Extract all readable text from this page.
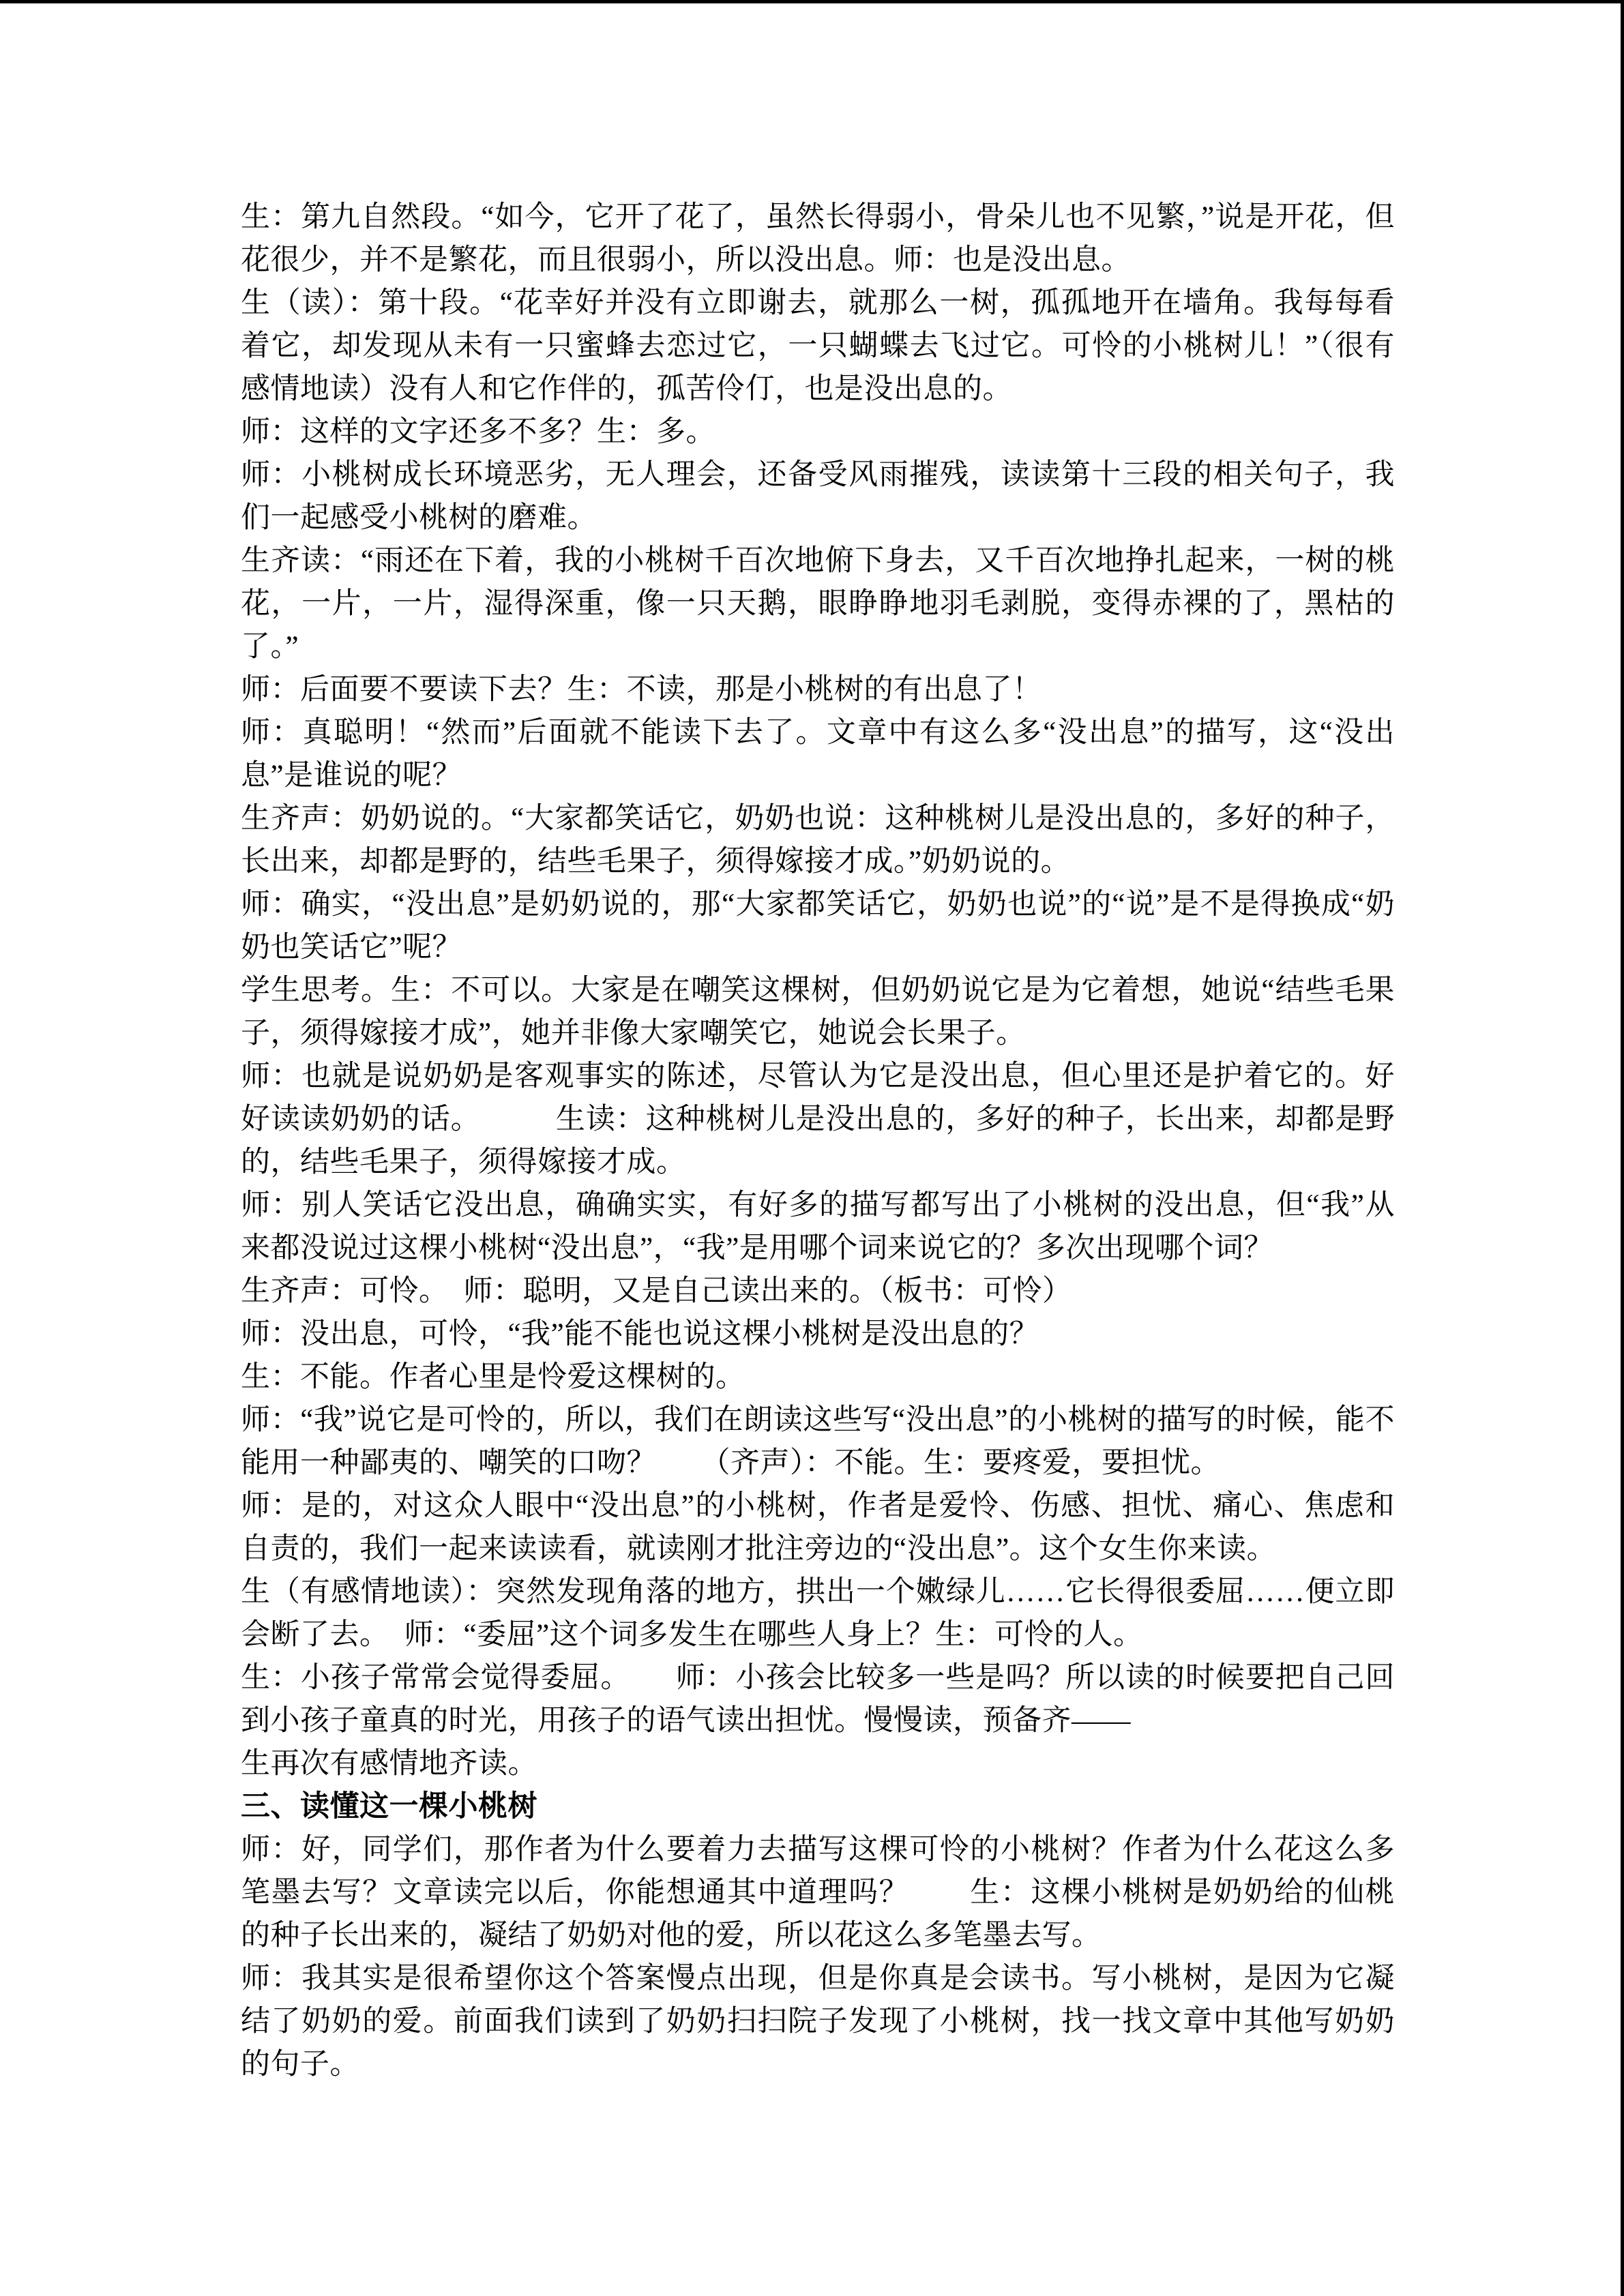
生：第九自然段。“如今，它开了花了，虽然长得弱小，骨朵儿也不见繁，”说是开花，但花很少，并不是繁花，而且很弱小，所以没出息。师：也是没出息。

生（读）：第十段。“花幸好并没有立即谢去，就那么一树，孤孤地开在墙角。我每每看着它，却发现从未有一只蜜蜂去恋过它，一只蝴蝶去飞过它。可怜的小桃树儿！”（很有感情地读）没有人和它作伴的，孤苦伶仃，也是没出息的。

师：这样的文字还多不多？生：多。

师：小桃树成长环境恶劣，无人理会，还备受风雨摧残，读读第十三段的相关句子，我们一起感受小桃树的磨难。

生齐读：“雨还在下着，我的小桃树千百次地俯下身去，又千百次地挣扎起来，一树的桃花，一片，一片，湿得深重，像一只天鹅，眼睁睁地羽毛剥脱，变得赤裸的了，黑枯的了。”

师：后面要不要读下去？生：不读，那是小桃树的有出息了！

师：真聪明！“然而”后面就不能读下去了。文章中有这么多“没出息”的描写，这“没出息”是谁说的呢？

生齐声：奶奶说的。“大家都笑话它，奶奶也说：这种桃树儿是没出息的，多好的种子，长出来，却都是野的，结些毛果子，须得嫁接才成。”奶奶说的。

师：确实，“没出息”是奶奶说的，那“大家都笑话它，奶奶也说”的“说”是不是得换成“奶奶也笑话它”呢？

学生思考。生：不可以。大家是在嘲笑这棵树，但奶奶说它是为它着想，她说“结些毛果子，须得嫁接才成”，她并非像大家嘲笑它，她说会长果子。

师：也就是说奶奶是客观事实的陈述，尽管认为它是没出息，但心里还是护着它的。好好读读奶奶的话。　　　生读：这种桃树儿是没出息的，多好的种子，长出来，却都是野的，结些毛果子，须得嫁接才成。

师：别人笑话它没出息，确确实实，有好多的描写都写出了小桃树的没出息，但“我”从来都没说过这棵小桃树“没出息”，“我”是用哪个词来说它的？多次出现哪个词？

生齐声：可怜。　师：聪明，又是自己读出来的。（板书：可怜）

师：没出息，可怜，“我”能不能也说这棵小桃树是没出息的？

生：不能。作者心里是怜爱这棵树的。

师：“我”说它是可怜的，所以，我们在朗读这些写“没出息”的小桃树的描写的时候，能不能用一种鄙夷的、嘲笑的口吻？　　（齐声）：不能。生：要疼爱，要担忧。

师：是的，对这众人眼中“没出息”的小桃树，作者是爱怜、伤感、担忧、痛心、焦虑和自责的，我们一起来读读看，就读刚才批注旁边的“没出息”。这个女生你来读。

生（有感情地读）：突然发现角落的地方，拱出一个嫩绿儿……它长得很委屈……便立即会断了去。　师：“委屈”这个词多发生在哪些人身上？生：可怜的人。

生：小孩子常常会觉得委屈。　　师：小孩会比较多一些是吗？所以读的时候要把自己回到小孩子童真的时光，用孩子的语气读出担忧。慢慢读，预备齐——

生再次有感情地齐读。

三、读懂这一棵小桃树

师：好，同学们，那作者为什么要着力去描写这棵可怜的小桃树？作者为什么花这么多笔墨去写？文章读完以后，你能想通其中道理吗？　　生：这棵小桃树是奶奶给的仙桃的种子长出来的，凝结了奶奶对他的爱，所以花这么多笔墨去写。

师：我其实是很希望你这个答案慢点出现，但是你真是会读书。写小桃树，是因为它凝结了奶奶的爱。前面我们读到了奶奶扫扫院子发现了小桃树，找一找文章中其他写奶奶的句子。
